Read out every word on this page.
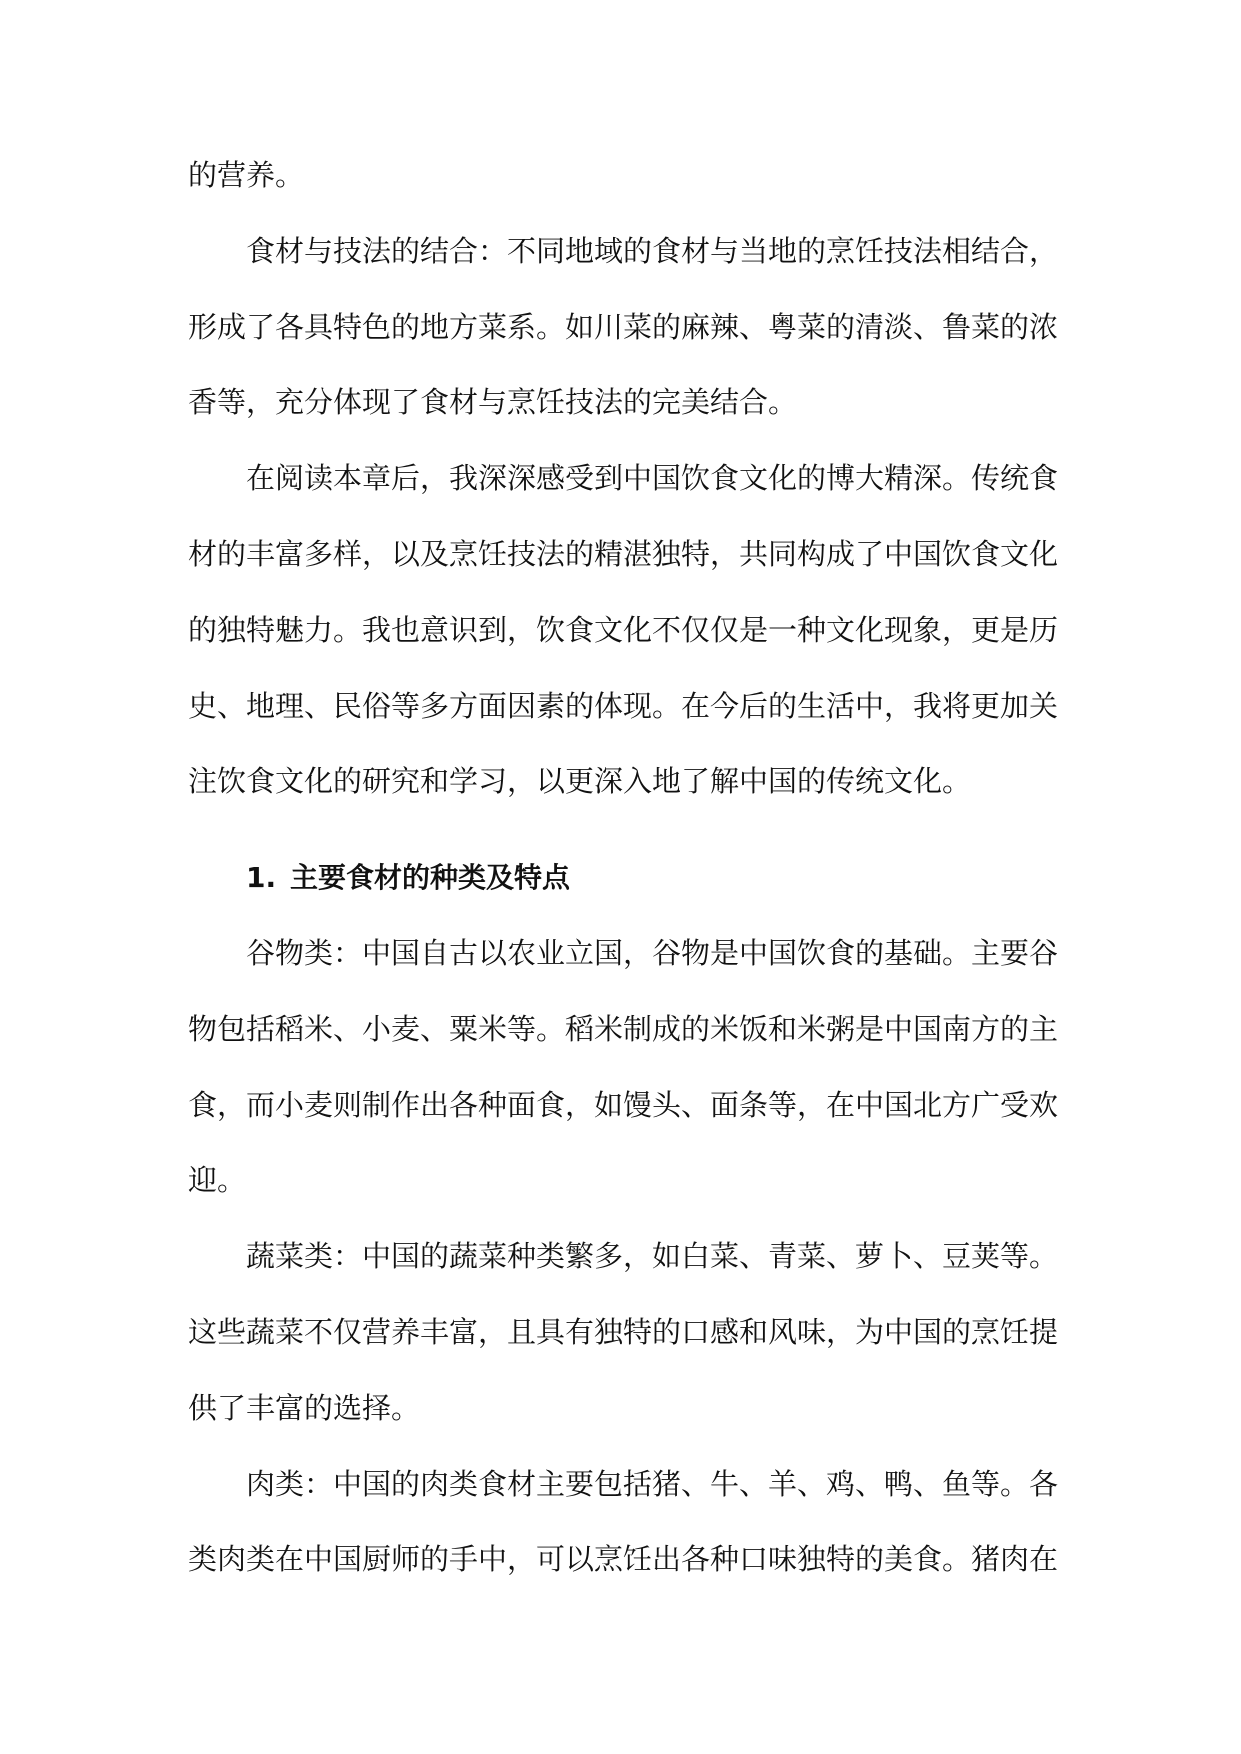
的营养。

食材与技法的结合：不同地域的食材与当地的烹饪技法相结合，形成了各具特色的地方菜系。如川菜的麻辣、粤菜的清淡、鲁菜的浓香等，充分体现了食材与烹饪技法的完美结合。

在阅读本章后，我深深感受到中国饮食文化的博大精深。传统食材的丰富多样，以及烹饪技法的精湛独特，共同构成了中国饮食文化的独特魅力。我也意识到，饮食文化不仅仅是一种文化现象，更是历史、地理、民俗等多方面因素的体现。在今后的生活中，我将更加关注饮食文化的研究和学习，以更深入地了解中国的传统文化。

1. 主要食材的种类及特点

谷物类：中国自古以农业立国，谷物是中国饮食的基础。主要谷物包括稻米、小麦、粟米等。稻米制成的米饭和米粥是中国南方的主食，而小麦则制作出各种面食，如馒头、面条等，在中国北方广受欢迎。

蔬菜类：中国的蔬菜种类繁多，如白菜、青菜、萝卜、豆荚等。这些蔬菜不仅营养丰富，且具有独特的口感和风味，为中国的烹饪提供了丰富的选择。

肉类：中国的肉类食材主要包括猪、牛、羊、鸡、鸭、鱼等。各类肉类在中国厨师的手中，可以烹饪出各种口味独特的美食。猪肉在
